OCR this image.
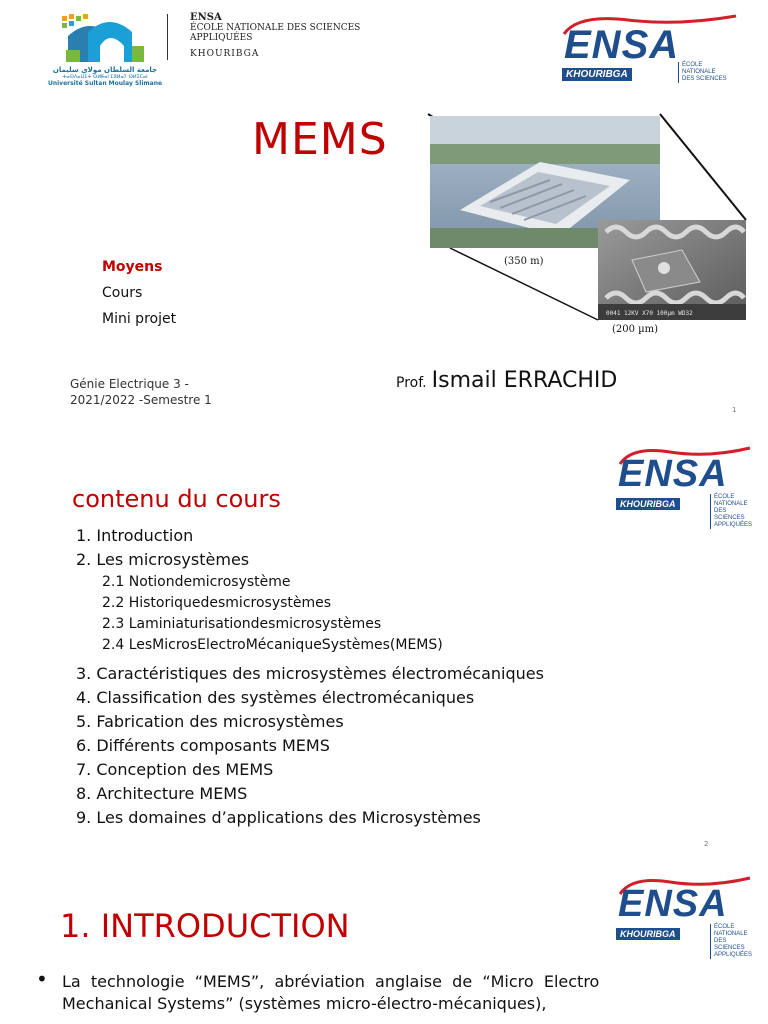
جامعة السلطان مولاي سليمان
ⵜⴰⵙⴷⴰⵡⵉⵜ ⵙⵍⵟⴰⵏ ⵎⵓⵍⴰⵢ ⵙⵍⵉⵎⴰⵏ
Université Sultan Moulay Slimane
ENSA
ÉCOLE NATIONALE DES SCIENCES
APPLIQUÉES
KHOURIBGA	ENSA
KHOURIBGA
ÉCOLE
NATIONALE
DES SCIENCES
MEMS
Moyens
Cours
Mini projet	0041 12KV X70 100µm WD32
(350 m)
(200 µm)
Génie Electrique 3 -
2021/2022 -Semestre 1
Prof. Ismail ERRACHID
1
ENSA
KHOURIBGA
ÉCOLE
NATIONALE
DES SCIENCES
APPLIQUÉES
contenu du cours
1. Introduction
2. Les microsystèmes
2.1 Notiondemicrosystème
2.2 Historiquedesmicrosystèmes
2.3 Laminiaturisationdesmicrosystèmes
2.4 LesMicrosElectroMécaniqueSystèmes(MEMS)
3. Caractéristiques des microsystèmes électromécaniques
4. Classification des systèmes électromécaniques
5. Fabrication des microsystèmes
6. Différents composants MEMS
7. Conception des MEMS
8. Architecture MEMS
9. Les domaines d’applications des Microsystèmes
2
ENSA
KHOURIBGA
ÉCOLE
NATIONALE
DES SCIENCES
APPLIQUÉES
1. INTRODUCTION
• La  technologie  “MEMS”,  abréviation  anglaise  de  “Micro  Electro
Mechanical Systems” (systèmes micro-électro-mécaniques),
